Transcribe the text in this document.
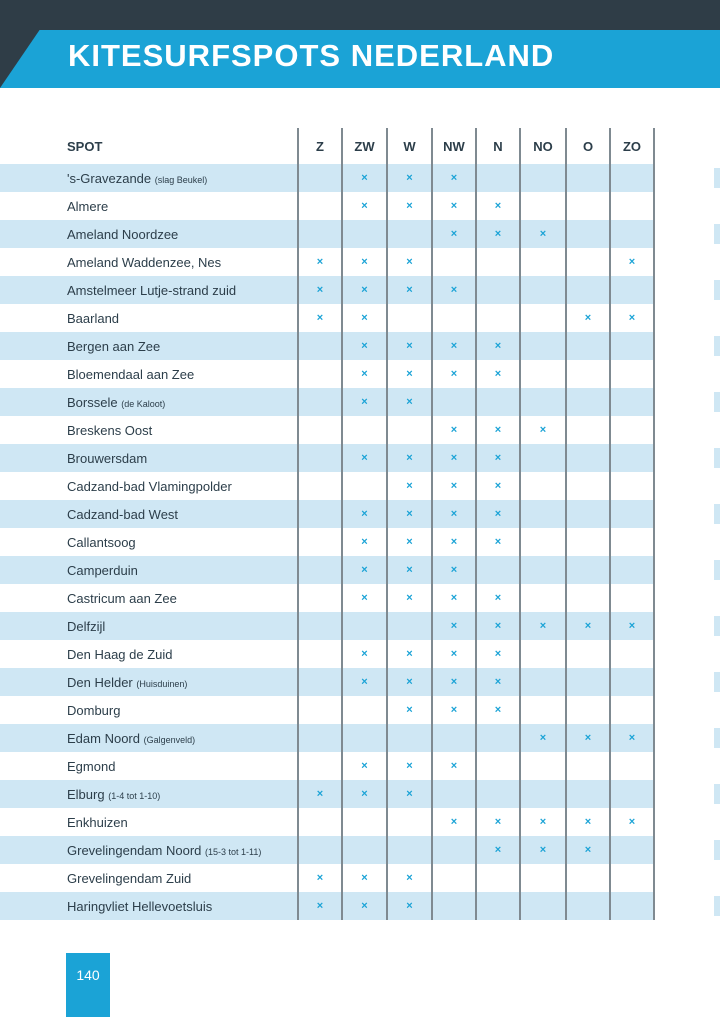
KITESURFSPOTS NEDERLAND
SPOT	Z	ZW	W	NW	N	NO	O	ZO
's-Gravezande (slag Beukel)		×	×	×				
Almere		×	×	×	×			
Ameland Noordzee				×	×	×		
Ameland Waddenzee, Nes	×	×	×					×
Amstelmeer Lutje-strand zuid	×	×	×	×				
Baarland	×	×					×	×
Bergen aan Zee		×	×	×	×			
Bloemendaal aan Zee		×	×	×	×			
Borssele (de Kaloot)		×	×					
Breskens Oost				×	×	×		
Brouwersdam		×	×	×	×			
Cadzand-bad Vlamingpolder			×	×	×			
Cadzand-bad West		×	×	×	×			
Callantsoog		×	×	×	×			
Camperduin		×	×	×				
Castricum aan Zee		×	×	×	×			
Delfzijl				×	×	×	×	×
Den Haag de Zuid		×	×	×	×			
Den Helder (Huisduinen)		×	×	×	×			
Domburg			×	×	×			
Edam Noord (Galgenveld)						×	×	×
Egmond		×	×	×				
Elburg (1-4 tot 1-10)	×	×	×					
Enkhuizen				×	×	×	×	×
Grevelingendam Noord (15-3 tot 1-11)					×	×	×	
Grevelingendam Zuid	×	×	×					
Haringvliet Hellevoetsluis	×	×	×					
140
